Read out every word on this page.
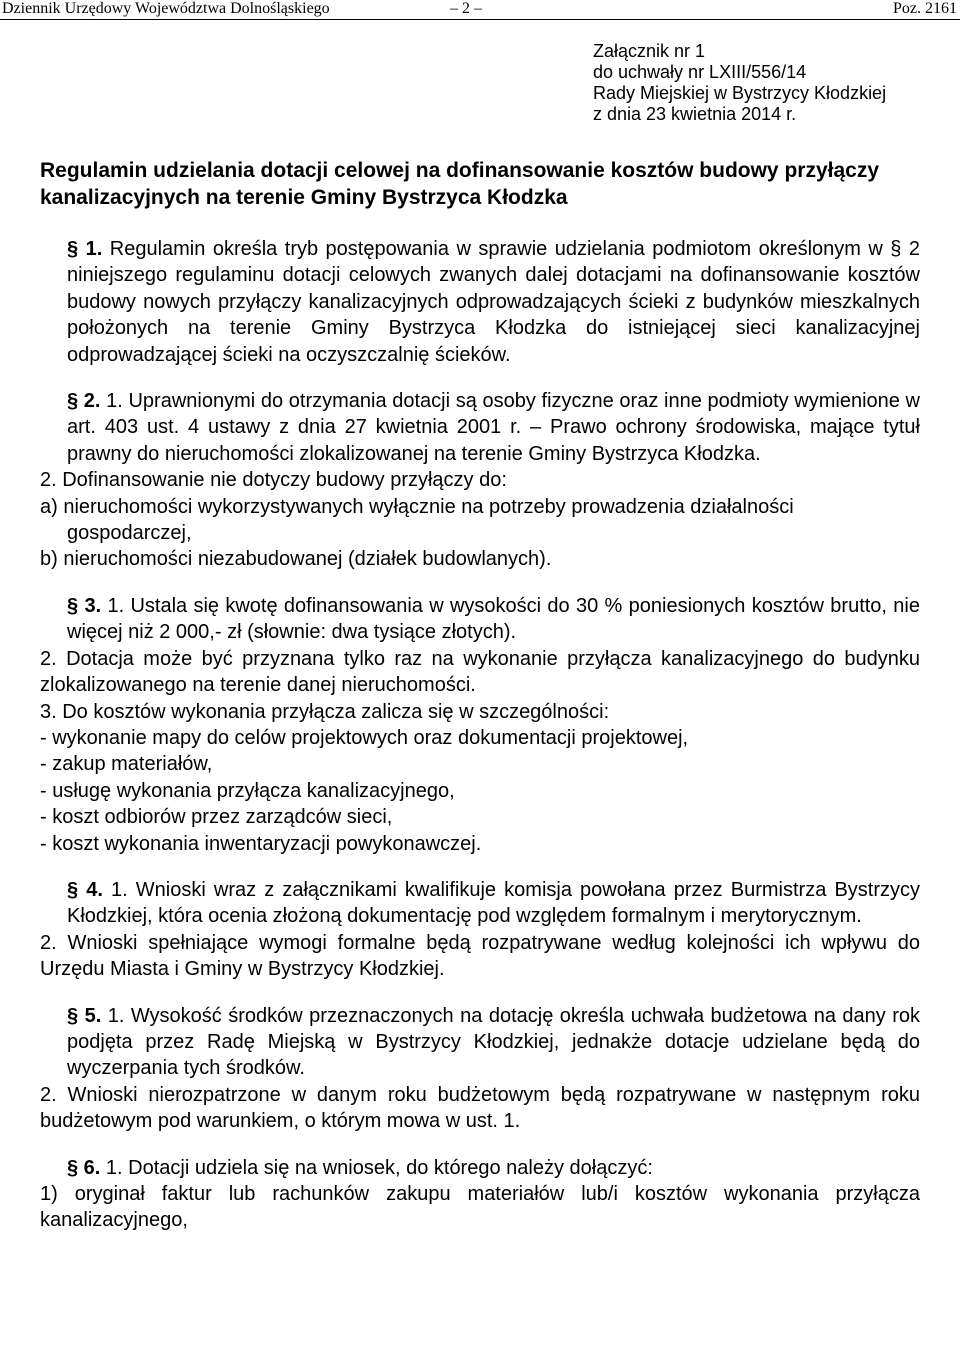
Dziennik Urzędowy Województwa Dolnośląskiego	– 2 –	Poz. 2161
Załącznik nr 1
do uchwały nr LXIII/556/14
Rady Miejskiej w Bystrzycy Kłodzkiej
z dnia 23 kwietnia 2014 r.
Regulamin udzielania dotacji celowej na dofinansowanie kosztów budowy przyłączy kanalizacyjnych na terenie Gminy Bystrzyca Kłodzka

§ 1. Regulamin określa tryb postępowania w sprawie udzielania podmiotom określonym w § 2 niniejszego regulaminu dotacji celowych zwanych dalej dotacjami na dofinansowanie kosztów budowy nowych przyłączy kanalizacyjnych odprowadzających ścieki z budynków mieszkalnych położonych na terenie Gminy Bystrzyca Kłodzka do istniejącej sieci kanalizacyjnej odprowadzającej ścieki na oczyszczalnię ścieków.

§ 2. 1. Uprawnionymi do otrzymania dotacji są osoby fizyczne oraz inne podmioty wymienione w art. 403 ust. 4 ustawy z dnia 27 kwietnia 2001 r. – Prawo ochrony środowiska, mające tytuł prawny do nieruchomości zlokalizowanej na terenie Gminy Bystrzyca Kłodzka.

2. Dofinansowanie nie dotyczy budowy przyłączy do:

a) nieruchomości wykorzystywanych wyłącznie na potrzeby prowadzenia działalności

gospodarczej,

b) nieruchomości niezabudowanej (działek budowlanych).

§ 3. 1. Ustala się kwotę dofinansowania w wysokości do 30 % poniesionych kosztów brutto, nie więcej niż 2 000,- zł (słownie: dwa tysiące złotych).

2. Dotacja może być przyznana tylko raz na wykonanie przyłącza kanalizacyjnego do budynku zlokalizowanego na terenie danej nieruchomości.

3. Do kosztów wykonania przyłącza zalicza się w szczególności:

- wykonanie mapy do celów projektowych oraz dokumentacji projektowej,

- zakup materiałów,

- usługę wykonania przyłącza kanalizacyjnego,

- koszt odbiorów przez zarządców sieci,

- koszt wykonania inwentaryzacji powykonawczej.

§ 4. 1. Wnioski wraz z załącznikami kwalifikuje komisja powołana przez Burmistrza Bystrzycy Kłodzkiej, która ocenia złożoną dokumentację pod względem formalnym i merytorycznym.

2. Wnioski spełniające wymogi formalne będą rozpatrywane według kolejności ich wpływu do Urzędu Miasta i Gminy w Bystrzycy Kłodzkiej.

§ 5. 1. Wysokość środków przeznaczonych na dotację określa uchwała budżetowa na dany rok podjęta przez Radę Miejską w Bystrzycy Kłodzkiej, jednakże dotacje udzielane będą do wyczerpania tych środków.

2. Wnioski nierozpatrzone w danym roku budżetowym będą rozpatrywane w następnym roku budżetowym pod warunkiem, o którym mowa w ust. 1.

§ 6. 1. Dotacji udziela się na wniosek, do którego należy dołączyć:

1) oryginał faktur lub rachunków zakupu materiałów lub/i kosztów wykonania przyłącza kanalizacyjnego,
